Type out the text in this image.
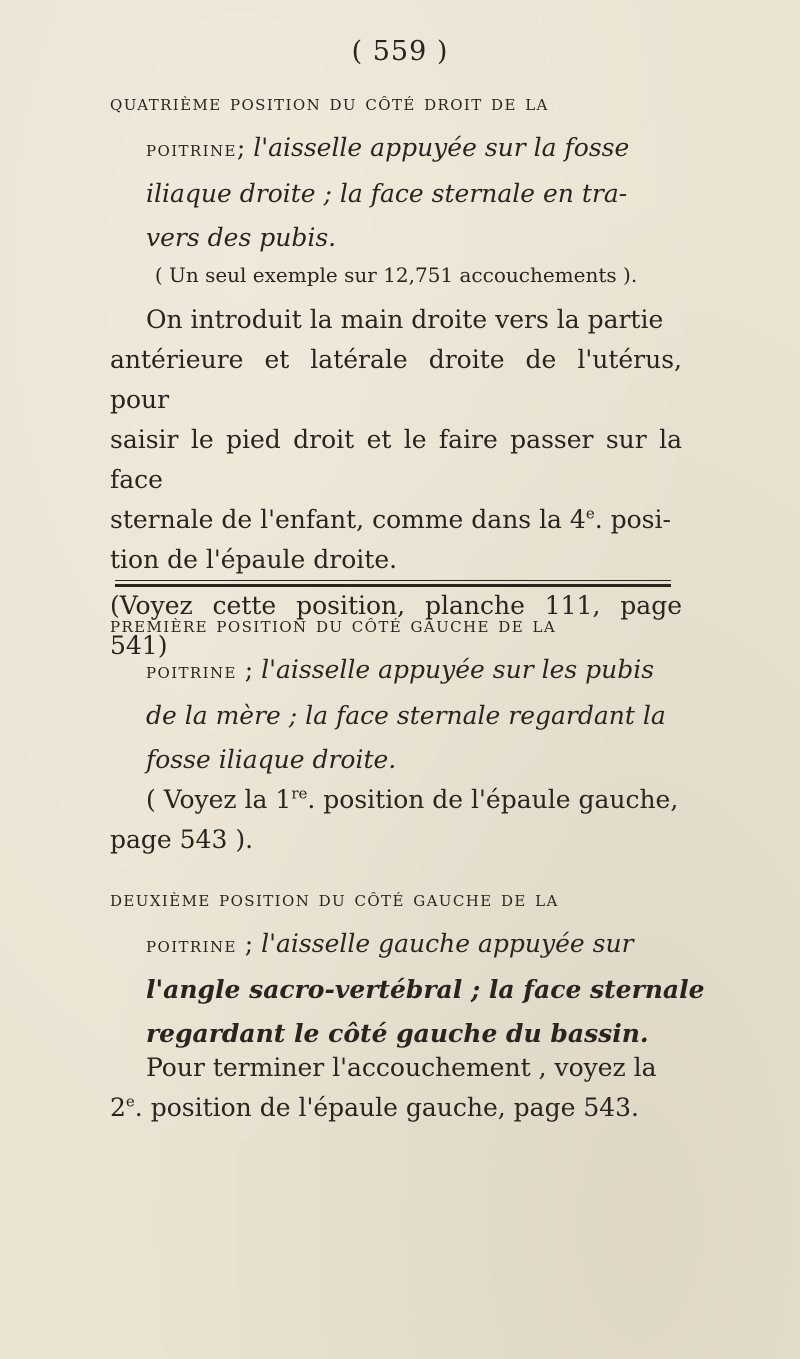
( 559 )
quatrième position du côté droit de la
poitrine; l'aisselle appuyée sur la fosse
iliaque droite ; la face sternale en tra-
vers des pubis.
( Un seul exemple sur 12,751 accouchements ).
On introduit la main droite vers la partie
antérieure et latérale droite de l'utérus, pour
saisir le pied droit et le faire passer sur la face
sternale de l'enfant, comme dans la 4e. posi-
tion de l'épaule droite.
(Voyez cette position, planche 111, page 541)
première position du côté gauche de la
poitrine ; l'aisselle appuyée sur les pubis
de la mère ; la face sternale regardant la
fosse iliaque droite.
( Voyez la 1re. position de l'épaule gauche,
page 543 ).
deuxième position du côté gauche de la
poitrine ; l'aisselle gauche appuyée sur
l'angle sacro-vertébral ; la face sternale
regardant le côté gauche du bassin.
Pour terminer l'accouchement , voyez la
2e. position de l'épaule gauche, page 543.
